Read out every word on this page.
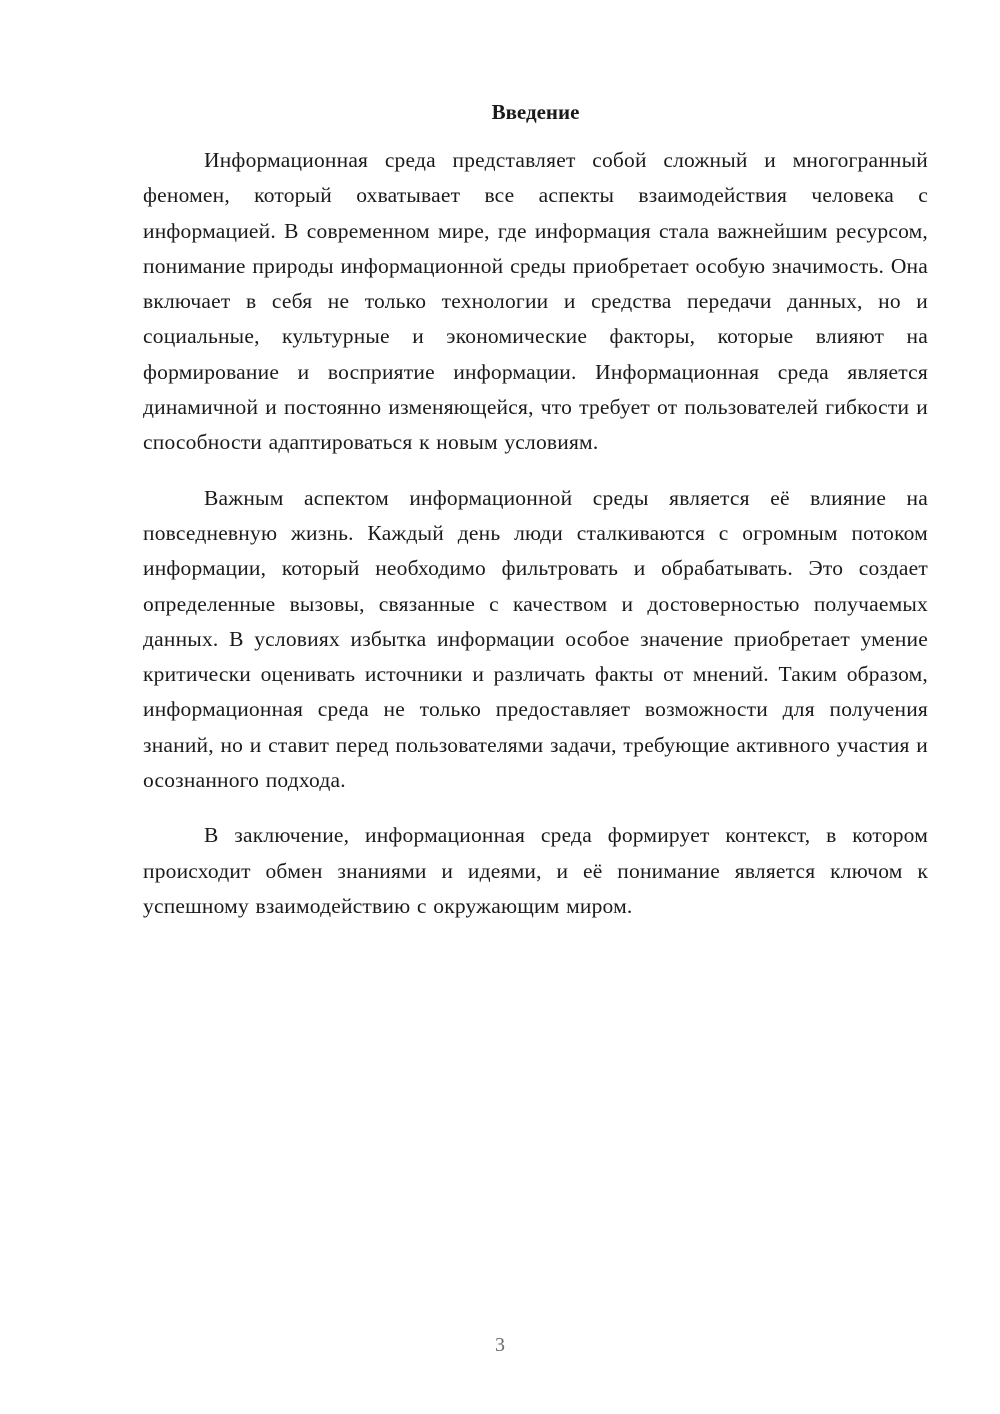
Введение

Информационная среда представляет собой сложный и многогранный феномен, который охватывает все аспекты взаимодействия человека с информацией. В современном мире, где информация стала важнейшим ресурсом, понимание природы информационной среды приобретает особую значимость. Она включает в себя не только технологии и средства передачи данных, но и социальные, культурные и экономические факторы, которые влияют на формирование и восприятие информации. Информационная среда является динамичной и постоянно изменяющейся, что требует от пользователей гибкости и способности адаптироваться к новым условиям.

Важным аспектом информационной среды является её влияние на повседневную жизнь. Каждый день люди сталкиваются с огромным потоком информации, который необходимо фильтровать и обрабатывать. Это создает определенные вызовы, связанные с качеством и достоверностью получаемых данных. В условиях избытка информации особое значение приобретает умение критически оценивать источники и различать факты от мнений. Таким образом, информационная среда не только предоставляет возможности для получения знаний, но и ставит перед пользователями задачи, требующие активного участия и осознанного подхода.

В заключение, информационная среда формирует контекст, в котором происходит обмен знаниями и идеями, и её понимание является ключом к успешному взаимодействию с окружающим миром.

3
